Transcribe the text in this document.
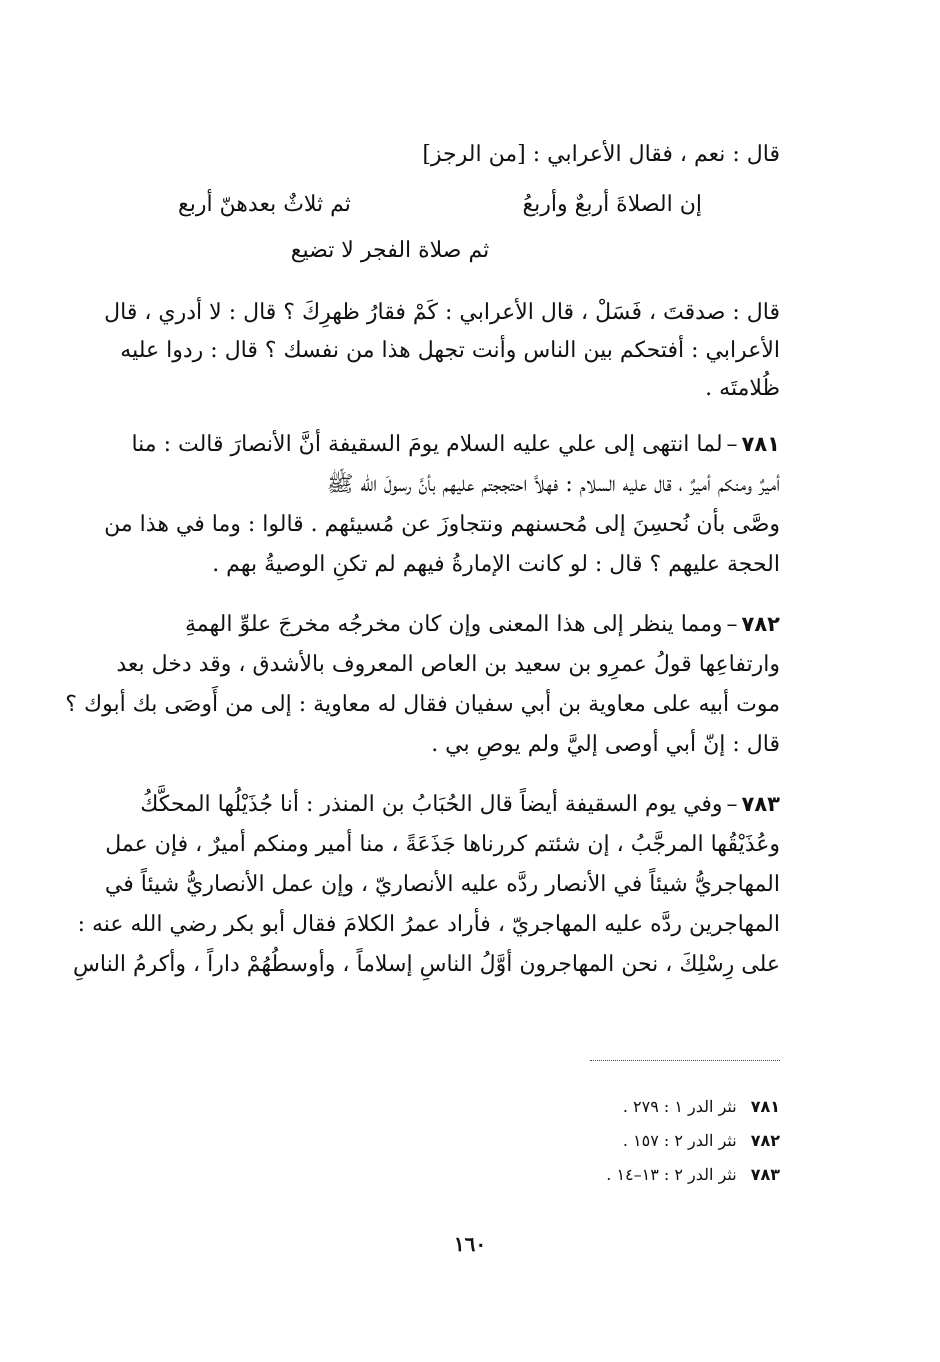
قال : نعم ، فقال الأعرابي : [من الرجز]
إن الصلاةَ أربعٌ وأربعُ
ثم ثلاثٌ بعدهنّ أربع
ثم صلاة الفجر لا تضيع
قال : صدقتَ ، فَسَلْ ، قال الأعرابي : كَمْ فقارُ ظهرِكَ ؟ قال : لا أدري ، قال
الأعرابي : أفتحكم بين الناس وأنت تجهل هذا من نفسك ؟ قال : ردوا عليه
ظُلامتَه .
٧٨١–لما انتهى إلى علي عليه السلام يومَ السقيفة أنَّ الأنصارَ قالت : منا
أميرٌ ومنكم أميرٌ ، قال عليه السلام : فهلاَّ احتججتم عليهم بأنَّ رسولَ الله ﷺ
وصَّى بأن نُحسِنَ إلى مُحسنهم ونتجاوزَ عن مُسيئهم . قالوا : وما في هذا من
الحجة عليهم ؟ قال : لو كانت الإمارةُ فيهم لم تكنِ الوصيةُ بهم .
٧٨٢–ومما ينظر إلى هذا المعنى وإن كان مخرجُه مخرجَ علوِّ الهمةِ
وارتفاعِها قولُ عمرِو بن سعيد بن العاص المعروف بالأشدق ، وقد دخل بعد
موت أبيه على معاوية بن أبي سفيان فقال له معاوية : إلى من أَوصَى بك أبوك ؟
قال : إنّ أبي أوصى إليَّ ولم يوصِ بي .
٧٨٣–وفي يوم السقيفة أيضاً قال الحُبَابُ بن المنذر : أنا جُذَيْلُها المحكَّكُ
وعُذَيْقُها المرجَّبُ ، إن شئتم كررناها جَذَعَةً ، منا أمير ومنكم أميرٌ ، فإن عمل
المهاجريُّ شيئاً في الأنصار ردَّه عليه الأنصاريّ ، وإن عمل الأنصاريُّ شيئاً في
المهاجرين ردَّه عليه المهاجريّ ، فأراد عمرُ الكلامَ فقال أبو بكر رضي الله عنه :
على رِسْلِكَ ، نحن المهاجرون أوَّلُ الناسِ إسلاماً ، وأوسطُهُمْ داراً ، وأكرمُ الناسِ
٧٨١نثر الدر ١ : ٢٧٩ .
٧٨٢نثر الدر ٢ : ١٥٧ .
٧٨٣نثر الدر ٢ : ١٣–١٤ .
١٦٠
